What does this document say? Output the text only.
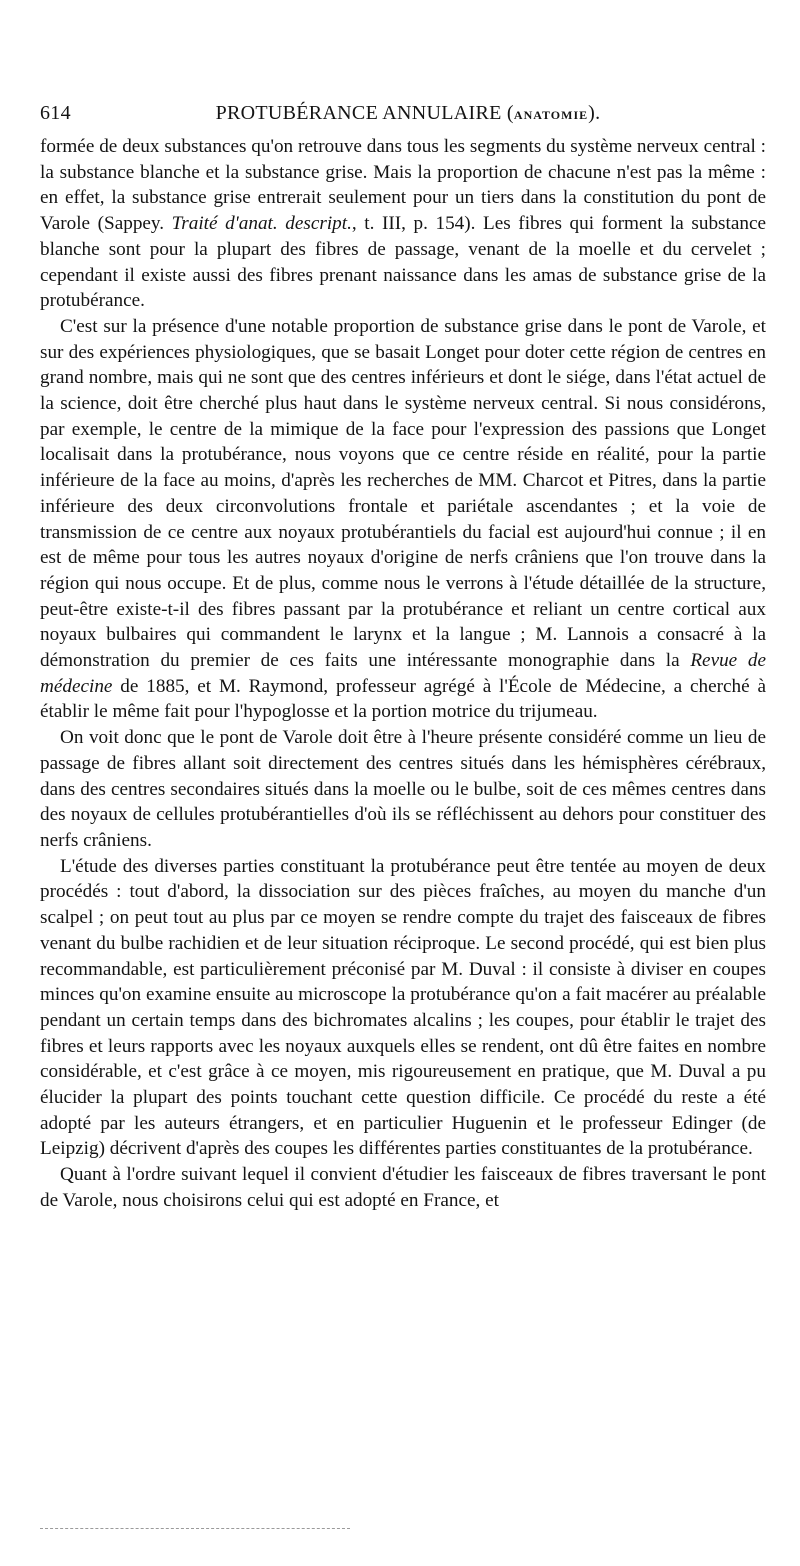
614	PROTUBÉRANCE ANNULAIRE (ANATOMIE).

formée de deux substances qu'on retrouve dans tous les segments du système nerveux central : la substance blanche et la substance grise. Mais la proportion de chacune n'est pas la même : en effet, la substance grise entrerait seulement pour un tiers dans la constitution du pont de Varole (Sappey. Traité d'anat. descript., t. III, p. 154). Les fibres qui forment la substance blanche sont pour la plupart des fibres de passage, venant de la moelle et du cervelet ; cependant il existe aussi des fibres prenant naissance dans les amas de substance grise de la protubérance.

C'est sur la présence d'une notable proportion de substance grise dans le pont de Varole, et sur des expériences physiologiques, que se basait Longet pour doter cette région de centres en grand nombre, mais qui ne sont que des centres inférieurs et dont le siége, dans l'état actuel de la science, doit être cherché plus haut dans le système nerveux central. Si nous considérons, par exemple, le centre de la mimique de la face pour l'expression des passions que Longet localisait dans la protubérance, nous voyons que ce centre réside en réalité, pour la partie inférieure de la face au moins, d'après les recherches de MM. Charcot et Pitres, dans la partie inférieure des deux circonvolutions frontale et pariétale ascendantes ; et la voie de transmission de ce centre aux noyaux protubérantiels du facial est aujourd'hui connue ; il en est de même pour tous les autres noyaux d'origine de nerfs crâniens que l'on trouve dans la région qui nous occupe. Et de plus, comme nous le verrons à l'étude détaillée de la structure, peut-être existe-t-il des fibres passant par la protubérance et reliant un centre cortical aux noyaux bulbaires qui commandent le larynx et la langue ; M. Lannois a consacré à la démonstration du premier de ces faits une intéressante monographie dans la Revue de médecine de 1885, et M. Raymond, professeur agrégé à l'École de Médecine, a cherché à établir le même fait pour l'hypoglosse et la portion motrice du trijumeau.

On voit donc que le pont de Varole doit être à l'heure présente considéré comme un lieu de passage de fibres allant soit directement des centres situés dans les hémisphères cérébraux, dans des centres secondaires situés dans la moelle ou le bulbe, soit de ces mêmes centres dans des noyaux de cellules protubérantielles d'où ils se réfléchissent au dehors pour constituer des nerfs crâniens.

L'étude des diverses parties constituant la protubérance peut être tentée au moyen de deux procédés : tout d'abord, la dissociation sur des pièces fraîches, au moyen du manche d'un scalpel ; on peut tout au plus par ce moyen se rendre compte du trajet des faisceaux de fibres venant du bulbe rachidien et de leur situation réciproque. Le second procédé, qui est bien plus recommandable, est particulièrement préconisé par M. Duval : il consiste à diviser en coupes minces qu'on examine ensuite au microscope la protubérance qu'on a fait macérer au préalable pendant un certain temps dans des bichromates alcalins ; les coupes, pour établir le trajet des fibres et leurs rapports avec les noyaux auxquels elles se rendent, ont dû être faites en nombre considérable, et c'est grâce à ce moyen, mis rigoureusement en pratique, que M. Duval a pu élucider la plupart des points touchant cette question difficile. Ce procédé du reste a été adopté par les auteurs étrangers, et en particulier Huguenin et le professeur Edinger (de Leipzig) décrivent d'après des coupes les différentes parties constituantes de la protubérance.

Quant à l'ordre suivant lequel il convient d'étudier les faisceaux de fibres traversant le pont de Varole, nous choisirons celui qui est adopté en France, et
